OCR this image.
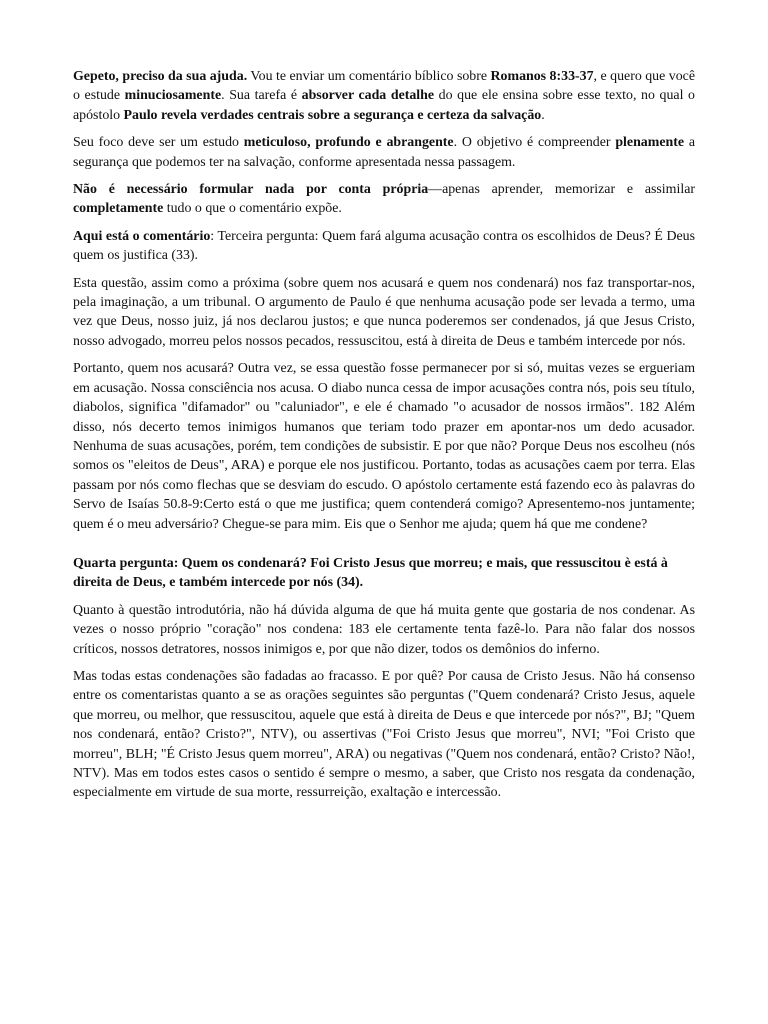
Gepeto, preciso da sua ajuda. Vou te enviar um comentário bíblico sobre Romanos 8:33-37, e quero que você o estude minuciosamente. Sua tarefa é absorver cada detalhe do que ele ensina sobre esse texto, no qual o apóstolo Paulo revela verdades centrais sobre a segurança e certeza da salvação.

Seu foco deve ser um estudo meticuloso, profundo e abrangente. O objetivo é compreender plenamente a segurança que podemos ter na salvação, conforme apresentada nessa passagem.

Não é necessário formular nada por conta própria—apenas aprender, memorizar e assimilar completamente tudo o que o comentário expõe.

Aqui está o comentário: Terceira pergunta: Quem fará alguma acusação contra os escolhidos de Deus? É Deus quem os justifica (33).

Esta questão, assim como a próxima (sobre quem nos acusará e quem nos condenará) nos faz transportar-nos, pela imaginação, a um tribunal. O argumento de Paulo é que nenhuma acusação pode ser levada a termo, uma vez que Deus, nosso juiz, já nos declarou justos; e que nunca poderemos ser condenados, já que Jesus Cristo, nosso advogado, morreu pelos nossos pecados, ressuscitou, está à direita de Deus e também intercede por nós.

Portanto, quem nos acusará? Outra vez, se essa questão fosse permanecer por si só, muitas vezes se ergueriam em acusação. Nossa consciência nos acusa. O diabo nunca cessa de impor acusações contra nós, pois seu título, diabolos, significa "difamador" ou "caluniador", e ele é chamado "o acusador de nossos irmãos". 182 Além disso, nós decerto temos inimigos humanos que teriam todo prazer em apontar-nos um dedo acusador. Nenhuma de suas acusações, porém, tem condições de subsistir. E por que não? Porque Deus nos escolheu (nós somos os "eleitos de Deus", ARA) e porque ele nos justificou. Portanto, todas as acusações caem por terra. Elas passam por nós como flechas que se desviam do escudo. O apóstolo certamente está fazendo eco às palavras do Servo de Isaías 50.8-9:Certo está o que me justifica; quem contenderá comigo? Apresentemo-nos juntamente; quem é o meu adversário? Chegue-se para mim. Eis que o Senhor me ajuda; quem há que me condene?

Quarta pergunta: Quem os condenará? Foi Cristo Jesus que morreu; e mais, que ressuscitou è está à direita de Deus, e também intercede por nós (34).

Quanto à questão introdutória, não há dúvida alguma de que há muita gente que gostaria de nos condenar. As vezes o nosso próprio "coração" nos condena: 183 ele certamente tenta fazê-lo. Para não falar dos nossos críticos, nossos detratores, nossos inimigos e, por que não dizer, todos os demônios do inferno.

Mas todas estas condenações são fadadas ao fracasso. E por quê? Por causa de Cristo Jesus. Não há consenso entre os comentaristas quanto a se as orações seguintes são perguntas ("Quem condenará? Cristo Jesus, aquele que morreu, ou melhor, que ressuscitou, aquele que está à direita de Deus e que intercede por nós?", BJ; "Quem nos condenará, então? Cristo?", NTV), ou assertivas ("Foi Cristo Jesus que morreu", NVI; "Foi Cristo que morreu", BLH; "É Cristo Jesus quem morreu", ARA) ou negativas ("Quem nos condenará, então? Cristo? Não!, NTV). Mas em todos estes casos o sentido é sempre o mesmo, a saber, que Cristo nos resgata da condenação, especialmente em virtude de sua morte, ressurreição, exaltação e intercessão.
